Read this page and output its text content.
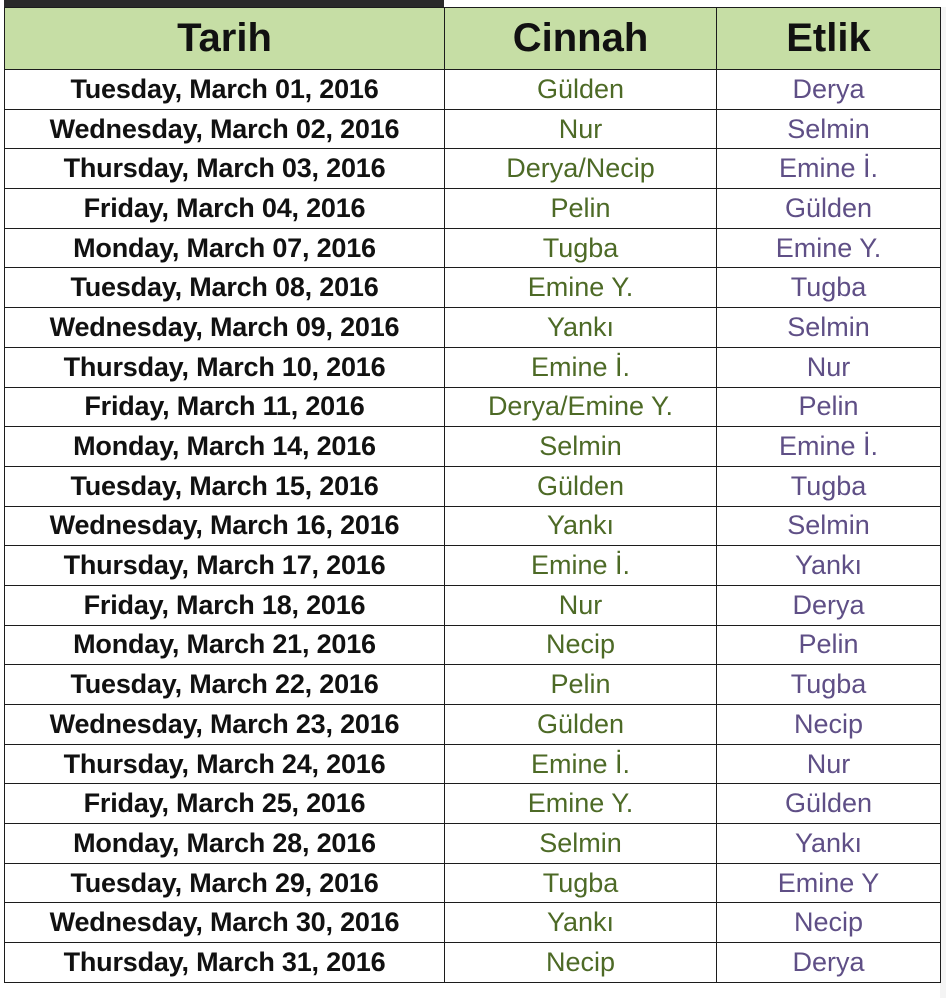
Tarih	Cinnah	Etlik
Tuesday, March 01, 2016	Gülden	Derya
Wednesday, March 02, 2016	Nur	Selmin
Thursday, March 03, 2016	Derya/Necip	Emine İ.
Friday, March 04, 2016	Pelin	Gülden
Monday, March 07, 2016	Tugba	Emine Y.
Tuesday, March 08, 2016	Emine Y.	Tugba
Wednesday, March 09, 2016	Yankı	Selmin
Thursday, March 10, 2016	Emine İ.	Nur
Friday, March 11, 2016	Derya/Emine Y.	Pelin
Monday, March 14, 2016	Selmin	Emine İ.
Tuesday, March 15, 2016	Gülden	Tugba
Wednesday, March 16, 2016	Yankı	Selmin
Thursday, March 17, 2016	Emine İ.	Yankı
Friday, March 18, 2016	Nur	Derya
Monday, March 21, 2016	Necip	Pelin
Tuesday, March 22, 2016	Pelin	Tugba
Wednesday, March 23, 2016	Gülden	Necip
Thursday, March 24, 2016	Emine İ.	Nur
Friday, March 25, 2016	Emine Y.	Gülden
Monday, March 28, 2016	Selmin	Yankı
Tuesday, March 29, 2016	Tugba	Emine Y
Wednesday, March 30, 2016	Yankı	Necip
Thursday, March 31, 2016	Necip	Derya
